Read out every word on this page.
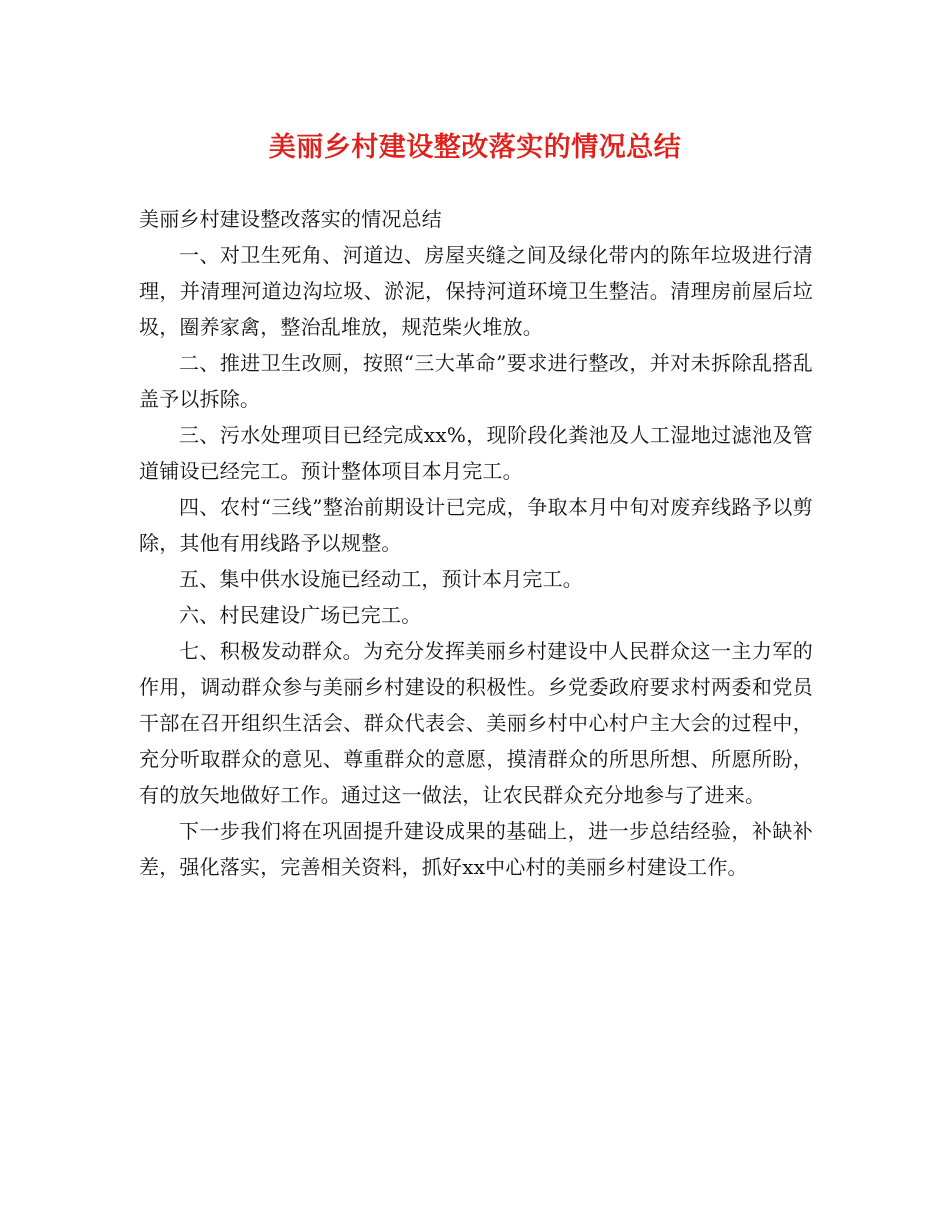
美丽乡村建设整改落实的情况总结

美丽乡村建设整改落实的情况总结

一、对卫生死角、河道边、房屋夹缝之间及绿化带内的陈年垃圾进行清理，并清理河道边沟垃圾、淤泥，保持河道环境卫生整洁。清理房前屋后垃圾，圈养家禽，整治乱堆放，规范柴火堆放。

二、推进卫生改厕，按照“三大革命”要求进行整改，并对未拆除乱搭乱盖予以拆除。

三、污水处理项目已经完成xx%，现阶段化粪池及人工湿地过滤池及管道铺设已经完工。预计整体项目本月完工。

四、农村“三线”整治前期设计已完成，争取本月中旬对废弃线路予以剪除，其他有用线路予以规整。

五、集中供水设施已经动工，预计本月完工。

六、村民建设广场已完工。

七、积极发动群众。为充分发挥美丽乡村建设中人民群众这一主力军的作用，调动群众参与美丽乡村建设的积极性。乡党委政府要求村两委和党员干部在召开组织生活会、群众代表会、美丽乡村中心村户主大会的过程中，充分听取群众的意见、尊重群众的意愿，摸清群众的所思所想、所愿所盼，有的放矢地做好工作。通过这一做法，让农民群众充分地参与了进来。

下一步我们将在巩固提升建设成果的基础上，进一步总结经验，补缺补差，强化落实，完善相关资料，抓好xx中心村的美丽乡村建设工作。
